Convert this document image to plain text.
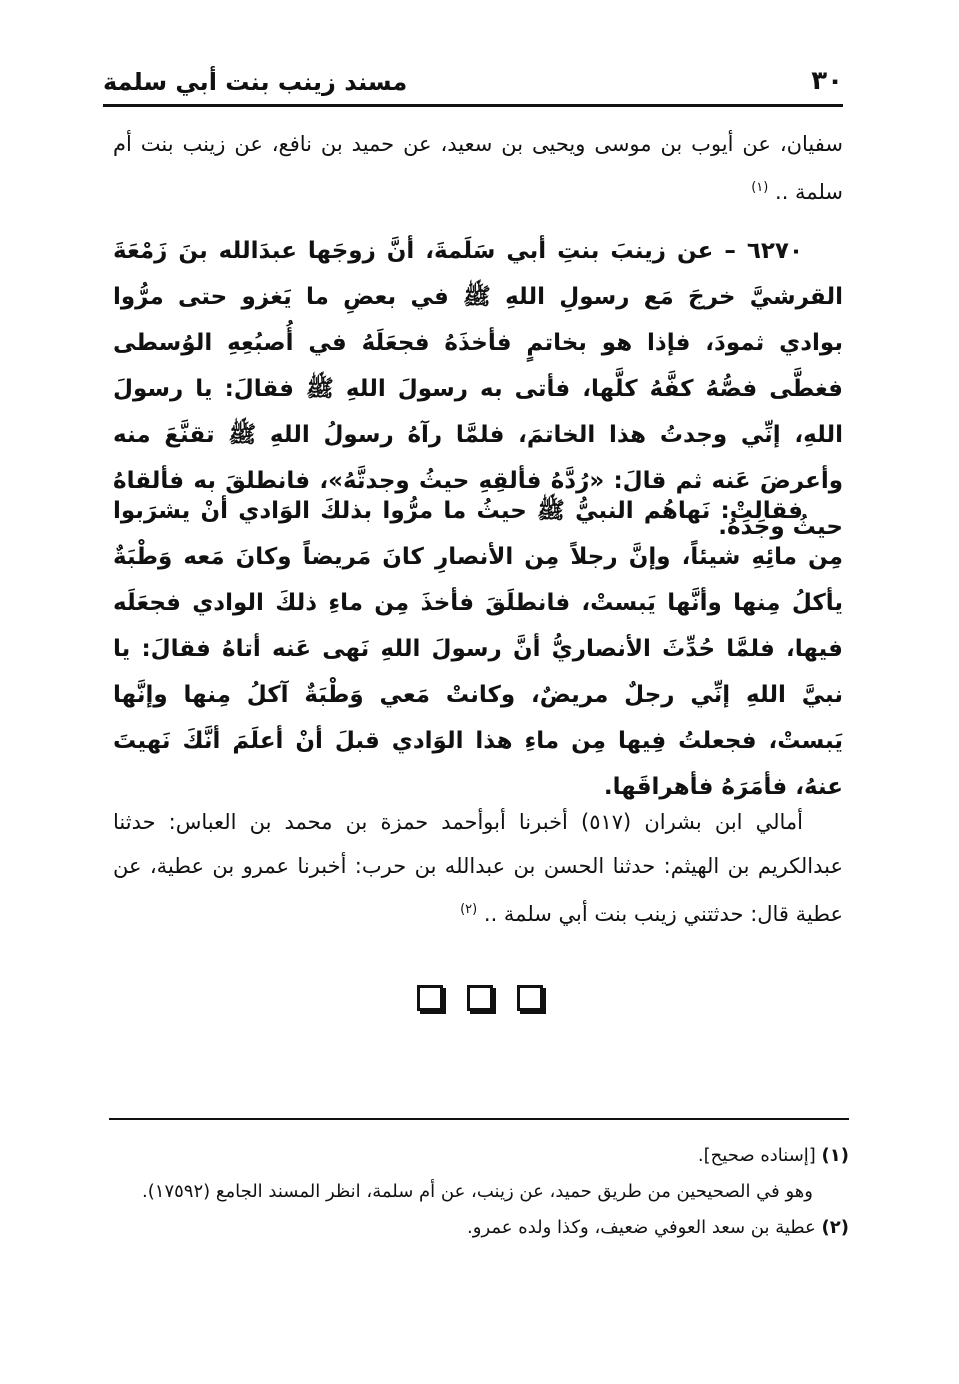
٣٠
مسند زينب بنت أبي سلمة
سفيان، عن أيوب بن موسى ويحيى بن سعيد، عن حميد بن نافع، عن زينب بنت أم سلمة .. $^{(١)}$
٦٢٧٠ – عن زينبَ بنتِ أبي سَلَمةَ، أنَّ زوجَها عبدَالله بنَ زَمْعَةَ القرشيَّ خرجَ مَع رسولِ اللهِ ﷺ في بعضِ ما يَغزو حتى مرُّوا بوادي ثمودَ، فإذا هو بخاتمٍ فأخذَهُ فجعَلَهُ في أُصبُعِهِ الوُسطى فغطَّى فصُّهُ كفَّهُ كلَّها، فأتى به رسولَ اللهِ ﷺ فقالَ: يا رسولَ اللهِ، إنِّي وجدتُ هذا الخاتمَ، فلمَّا رآهُ رسولُ اللهِ ﷺ تقنَّعَ منه وأعرضَ عَنه ثم قالَ: «رُدَّهُ فألقِهِ حيثُ وجدتَّهُ»، فانطلقَ به فألقاهُ حيثُ وجَدَهُ.
فقالتْ: نَهاهُم النبيُّ ﷺ حيثُ ما مرُّوا بذلكَ الوَادي أنْ يشرَبوا مِن مائِهِ شيئاً، وإنَّ رجلاً مِن الأنصارِ كانَ مَريضاً وكانَ مَعه وَطْبَةٌ يأكلُ مِنها وأنَّها يَبستْ، فانطلَقَ فأخذَ مِن ماءِ ذلكَ الوادي فجعَلَه فيها، فلمَّا حُدِّثَ الأنصاريُّ أنَّ رسولَ اللهِ نَهى عَنه أتاهُ فقالَ: يا نبيَّ اللهِ إنِّي رجلٌ مريضٌ، وكانتْ مَعي وَطْبَةٌ آكلُ مِنها وإنَّها يَبستْ، فجعلتُ فِيها مِن ماءِ هذا الوَادي قبلَ أنْ أعلَمَ أنَّكَ نَهيتَ عنهُ، فأمَرَهُ فأهراقَها.
أمالي ابن بشران (٥١٧) أخبرنا أبوأحمد حمزة بن محمد بن العباس: حدثنا عبدالكريم بن الهيثم: حدثنا الحسن بن عبدالله بن حرب: أخبرنا عمرو بن عطية، عن عطية قال: حدثتني زينب بنت أبي سلمة .. $^{(٢)}$
(١) [إسناده صحيح].
وهو في الصحيحين من طريق حميد، عن زينب، عن أم سلمة، انظر المسند الجامع (١٧٥٩٢).
(٢) عطية بن سعد العوفي ضعيف، وكذا ولده عمرو.
